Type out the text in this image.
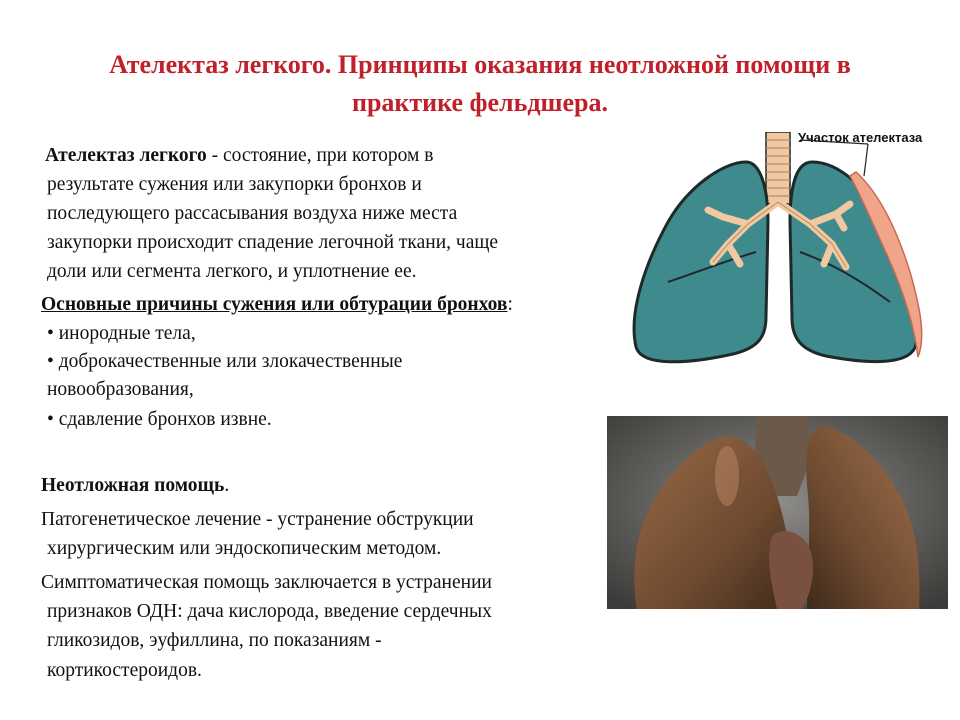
Ателектаз легкого. Принципы оказания неотложной помощи в
практике фельдшера.
Ателектаз легкого - состояние, при котором в
результате сужения или закупорки бронхов и
последующего рассасывания воздуха ниже места
закупорки происходит спадение легочной ткани, чаще
доли или сегмента легкого, и уплотнение ее.
Основные причины сужения или обтурации бронхов:
• инородные тела,
• доброкачественные или злокачественные
новообразования,
• сдавление бронхов извне.
Неотложная помощь.
Патогенетическое лечение - устранение обструкции
хирургическим или эндоскопическим методом.
Симптоматическая помощь заключается в устранении
признаков ОДН: дача кислорода, введение сердечных
гликозидов, эуфиллина, по показаниям -
кортикостероидов.
Участок ателектаза
